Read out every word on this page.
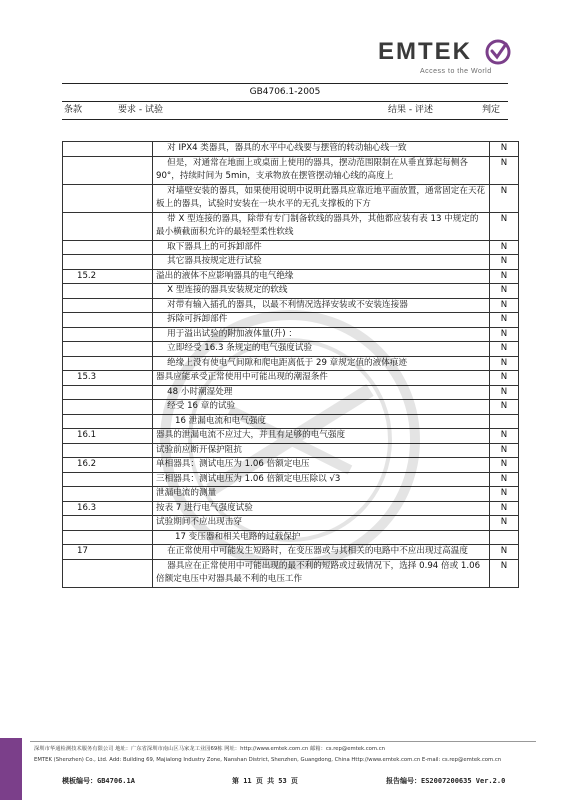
EMTEK
Access to the World
GB4706.1-2005
条款	要求 - 试验	结果 - 评述	判定
	对 IPX4 类器具，器具的水平中心线要与摆管的转动轴心线一致	N
	但是，对通常在地面上或桌面上使用的器具，摆动范围限制在从垂直算起每侧各 90°，持续时间为 5min，支承物放在摆管摆动轴心线的高度上	N
	对墙壁安装的器具，如果使用说明中说明此器具应靠近地平面放置，通常固定在天花板上的器具，试验时安装在一块水平的无孔支撑板的下方	N
	带 X 型连接的器具，除带有专门制备软线的器具外，其他都应装有表 13 中规定的最小横截面积允许的最轻型柔性软线	N
	取下器具上的可拆卸部件	N
	其它器具按规定进行试验	N
15.2	溢出的液体不应影响器具的电气绝缘	N
	X 型连接的器具安装规定的软线	N
	对带有输入插孔的器具，以最不利情况选择安装或不安装连接器	N
	拆除可拆卸部件	N
	用于溢出试验的附加液体量(升) ：	N
	立即经受 16.3 条规定的电气强度试验	N
	绝缘上没有使电气间隙和爬电距离低于 29 章规定值的液体痕迹	N
15.3	器具应能承受正常使用中可能出现的潮湿条件	N
	48 小时潮湿处理	N
	经受 16 章的试验	N
	16 泄漏电流和电气强度	
16.1	器具的泄漏电流不应过大，并且有足够的电气强度	N
	试验前应断开保护阻抗	N
16.2	单相器具：测试电压为 1.06 倍额定电压	N
	三相器具：测试电压为 1.06 倍额定电压除以 √3	N
	泄漏电流的测量	N
16.3	按表 7 进行电气强度试验	N
	试验期间不应出现击穿	N
	17 变压器和相关电路的过载保护	
17	在正常使用中可能发生短路时，在变压器或与其相关的电路中不应出现过高温度	N
	器具应在正常使用中可能出现的最不利的短路或过载情况下，选择 0.94 倍或 1.06 倍额定电压中对器具最不利的电压工作	N
深圳市华通检测技术服务有限公司 地址：广东省深圳市南山区马家龙工业园69栋 网址：http://www.emtek.com.cn 邮箱：cs.rep@emtek.com.cn
EMTEK (Shenzhen) Co., Ltd. Add: Building 69, Majialong Industry Zone, Nanshan District, Shenzhen, Guangdong, China Http://www.emtek.com.cn E-mail: cs.rep@emtek.com.cn
模板编号：GB4706.1A	第 11 页 共 53 页	报告编号：ES2007200635 Ver.2.0
